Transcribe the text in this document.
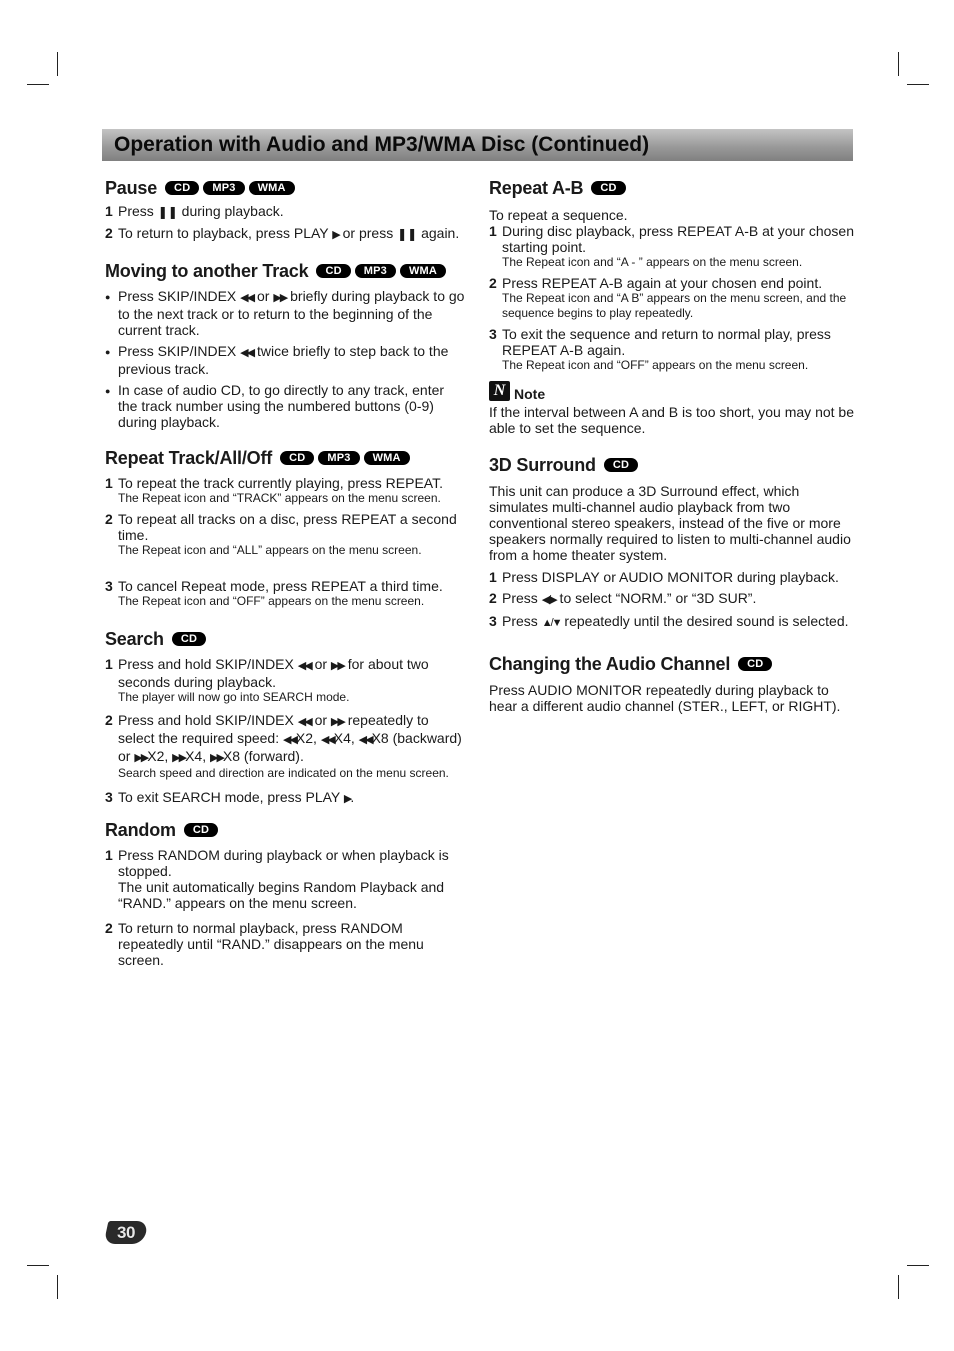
Operation with Audio and MP3/WMA Disc (Continued)
Pause	CD	MP3	WMA
1 Press ❚❚ during playback.
2 To return to playback, press PLAY ▶ or press ❚❚ again.
Moving to another Track	CD	MP3	WMA
● Press SKIP/INDEX ◀◀ or ▶▶ briefly during playback to go to the next track or to return to the beginning of the current track.
● Press SKIP/INDEX ◀◀ twice briefly to step back to the previous track.
● In case of audio CD, to go directly to any track, enter the track number using the numbered buttons (0-9) during playback.
Repeat Track/All/Off	CD	MP3	WMA
1 To repeat the track currently playing, press REPEAT.
The Repeat icon and “TRACK” appears on the menu screen.
2 To repeat all tracks on a disc, press REPEAT a second time.
The Repeat icon and “ALL” appears on the menu screen.
3 To cancel Repeat mode, press REPEAT a third time.
The Repeat icon and “OFF” appears on the menu screen.
Search	CD
1 Press and hold SKIP/INDEX ◀◀ or ▶▶ for about two seconds during playback.
The player will now go into SEARCH mode.
2 Press and hold SKIP/INDEX ◀◀ or ▶▶ repeatedly to select the required speed: ◀◀X2, ◀◀X4, ◀◀X8 (backward) or ▶▶X2, ▶▶X4, ▶▶X8 (forward).
Search speed and direction are indicated on the menu screen.
3 To exit SEARCH mode, press PLAY ▶.
Random	CD
1 Press RANDOM during playback or when playback is stopped.
The unit automatically begins Random Playback and “RAND.” appears on the menu screen.
2 To return to normal playback, press RANDOM repeatedly until “RAND.” disappears on the menu screen.
Repeat A-B	CD

To repeat a sequence.

1 During disc playback, press REPEAT A-B at your chosen starting point.
The Repeat icon and “A - ” appears on the menu screen.
2 Press REPEAT A-B again at your chosen end point.
The Repeat icon and “A B” appears on the menu screen, and the sequence begins to play repeatedly.
3 To exit the sequence and return to normal play, press REPEAT A-B again.
The Repeat icon and “OFF” appears on the menu screen.
N Note

If the interval between A and B is too short, you may not be able to set the sequence.

3D Surround	CD

This unit can produce a 3D Surround effect, which simulates multi-channel audio playback from two conventional stereo speakers, instead of the five or more speakers normally required to listen to multi-channel audio from a home theater system.

1 Press DISPLAY or AUDIO MONITOR during playback.
2 Press ◀/▶ to select “NORM.” or “3D SUR”.
3 Press ▲/▼ repeatedly until the desired sound is selected.
Changing the Audio Channel	CD

Press AUDIO MONITOR repeatedly during playback to hear a different audio channel (STER., LEFT, or RIGHT).

30
